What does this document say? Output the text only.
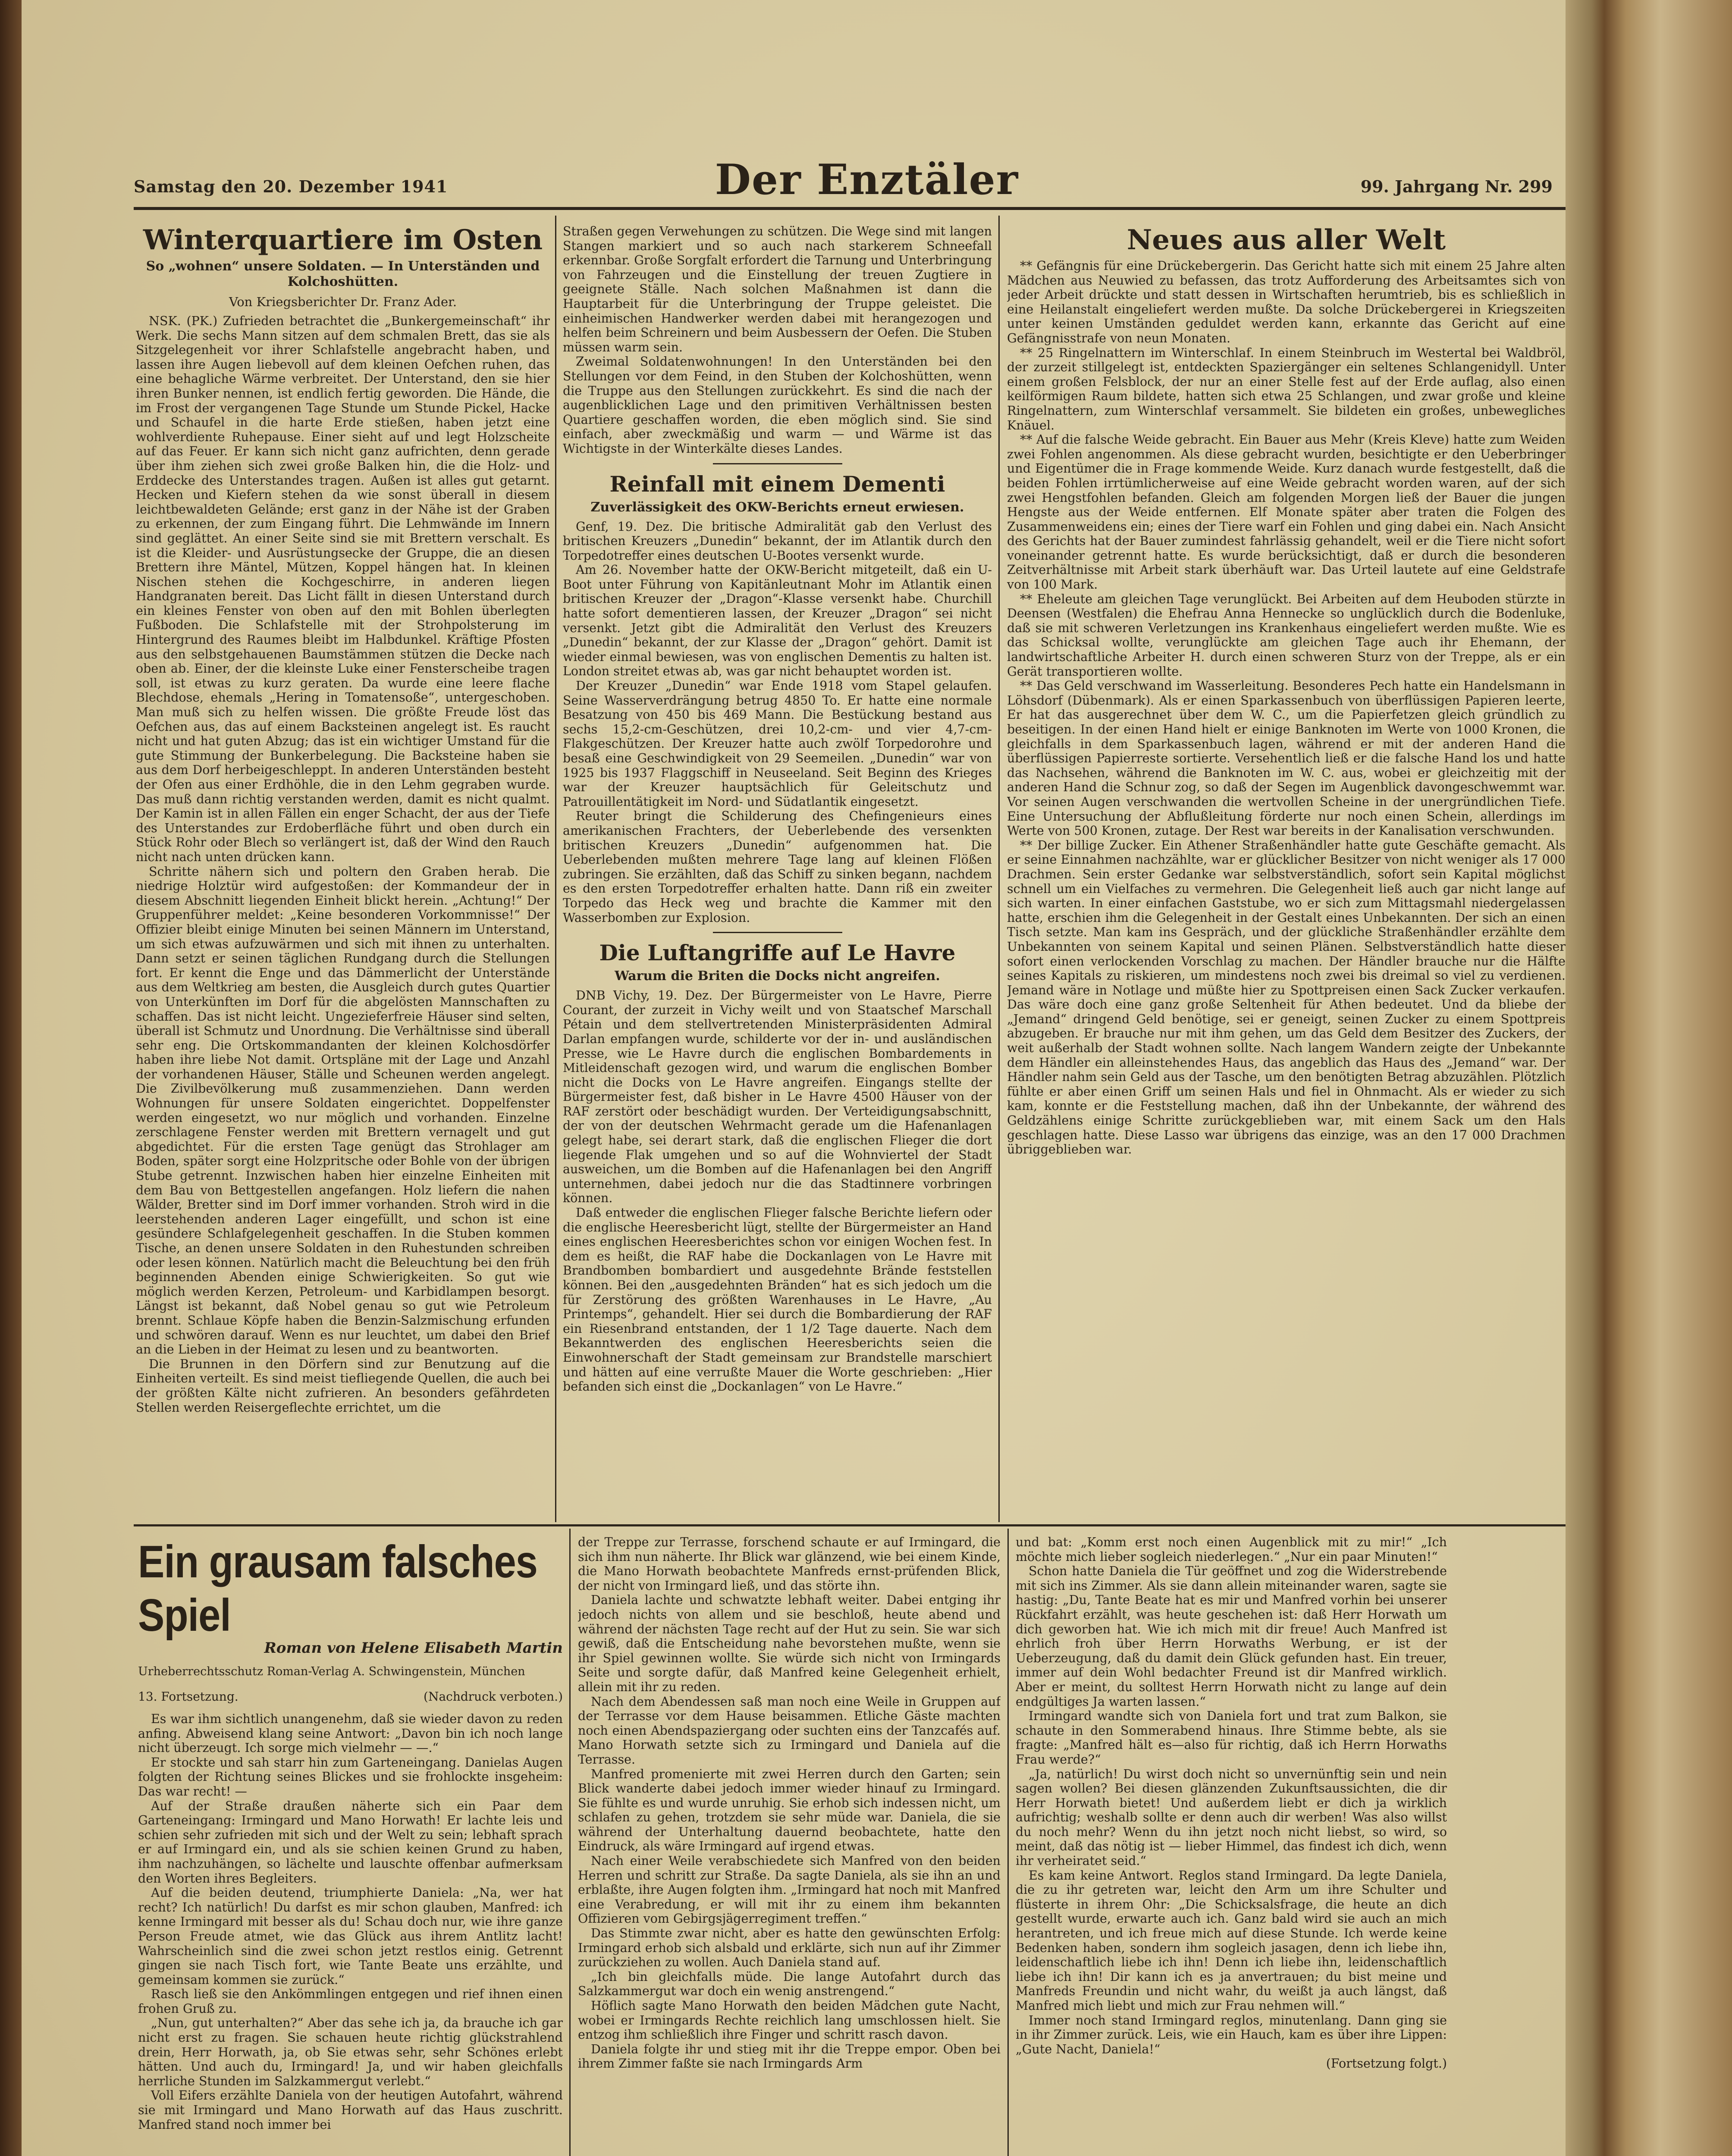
Samstag den 20. Dezember 1941	Der Enztäler	99. Jahrgang Nr. 299
Winterquartiere im Osten
So „wohnen“ unsere Soldaten. — In Unterständen und Kolchoshütten.
Von Kriegsberichter Dr. Franz Ader.

NSK. (PK.) Zufrieden betrachtet die „Bunkergemeinschaft“ ihr Werk. Die sechs Mann sitzen auf dem schmalen Brett, das sie als Sitzgelegenheit vor ihrer Schlafstelle angebracht haben, und lassen ihre Augen liebevoll auf dem kleinen Oefchen ruhen, das eine behagliche Wärme verbreitet. Der Unterstand, den sie hier ihren Bunker nennen, ist endlich fertig geworden. Die Hände, die im Frost der vergangenen Tage Stunde um Stunde Pickel, Hacke und Schaufel in die harte Erde stießen, haben jetzt eine wohlverdiente Ruhepause. Einer sieht auf und legt Holzscheite auf das Feuer. Er kann sich nicht ganz aufrichten, denn gerade über ihm ziehen sich zwei große Balken hin, die die Holz- und Erddecke des Unterstandes tragen. Außen ist alles gut getarnt. Hecken und Kiefern stehen da wie sonst überall in diesem leichtbewaldeten Gelände; erst ganz in der Nähe ist der Graben zu erkennen, der zum Eingang führt. Die Lehmwände im Innern sind geglättet. An einer Seite sind sie mit Brettern verschalt. Es ist die Kleider- und Ausrüstungsecke der Gruppe, die an diesen Brettern ihre Mäntel, Mützen, Koppel hängen hat. In kleinen Nischen stehen die Kochgeschirre, in anderen liegen Handgranaten bereit. Das Licht fällt in diesen Unterstand durch ein kleines Fenster von oben auf den mit Bohlen überlegten Fußboden. Die Schlafstelle mit der Strohpolsterung im Hintergrund des Raumes bleibt im Halbdunkel. Kräftige Pfosten aus den selbstgehauenen Baumstämmen stützen die Decke nach oben ab. Einer, der die kleinste Luke einer Fensterscheibe tragen soll, ist etwas zu kurz geraten. Da wurde eine leere flache Blechdose, ehemals „Hering in Tomatensoße“, untergeschoben. Man muß sich zu helfen wissen. Die größte Freude löst das Oefchen aus, das auf einem Backsteinen angelegt ist. Es raucht nicht und hat guten Abzug; das ist ein wichtiger Umstand für die gute Stimmung der Bunkerbelegung. Die Backsteine haben sie aus dem Dorf herbeigeschleppt. In anderen Unterständen besteht der Ofen aus einer Erdhöhle, die in den Lehm gegraben wurde. Das muß dann richtig verstanden werden, damit es nicht qualmt. Der Kamin ist in allen Fällen ein enger Schacht, der aus der Tiefe des Unterstandes zur Erdoberfläche führt und oben durch ein Stück Rohr oder Blech so verlängert ist, daß der Wind den Rauch nicht nach unten drücken kann.

Schritte nähern sich und poltern den Graben herab. Die niedrige Holztür wird aufgestoßen: der Kommandeur der in diesem Abschnitt liegenden Einheit blickt herein. „Achtung!“ Der Gruppenführer meldet: „Keine besonderen Vorkommnisse!“ Der Offizier bleibt einige Minuten bei seinen Männern im Unterstand, um sich etwas aufzuwärmen und sich mit ihnen zu unterhalten. Dann setzt er seinen täglichen Rundgang durch die Stellungen fort. Er kennt die Enge und das Dämmerlicht der Unterstände aus dem Weltkrieg am besten, die Ausgleich durch gutes Quartier von Unterkünften im Dorf für die abgelösten Mannschaften zu schaffen. Das ist nicht leicht. Ungezieferfreie Häuser sind selten, überall ist Schmutz und Unordnung. Die Verhältnisse sind überall sehr eng. Die Ortskommandanten der kleinen Kolchosdörfer haben ihre liebe Not damit. Ortspläne mit der Lage und Anzahl der vorhandenen Häuser, Ställe und Scheunen werden angelegt. Die Zivilbevölkerung muß zusammenziehen. Dann werden Wohnungen für unsere Soldaten eingerichtet. Doppelfenster werden eingesetzt, wo nur möglich und vorhanden. Einzelne zerschlagene Fenster werden mit Brettern vernagelt und gut abgedichtet. Für die ersten Tage genügt das Strohlager am Boden, später sorgt eine Holzpritsche oder Bohle von der übrigen Stube getrennt. Inzwischen haben hier einzelne Einheiten mit dem Bau von Bettgestellen angefangen. Holz liefern die nahen Wälder, Bretter sind im Dorf immer vorhanden. Stroh wird in die leerstehenden anderen Lager eingefüllt, und schon ist eine gesündere Schlafgelegenheit geschaffen. In die Stuben kommen Tische, an denen unsere Soldaten in den Ruhestunden schreiben oder lesen können. Natürlich macht die Beleuchtung bei den früh beginnenden Abenden einige Schwierigkeiten. So gut wie möglich werden Kerzen, Petroleum- und Karbidlampen besorgt. Längst ist bekannt, daß Nobel genau so gut wie Petroleum brennt. Schlaue Köpfe haben die Benzin-Salzmischung erfunden und schwören darauf. Wenn es nur leuchtet, um dabei den Brief an die Lieben in der Heimat zu lesen und zu beantworten.

Die Brunnen in den Dörfern sind zur Benutzung auf die Einheiten verteilt. Es sind meist tiefliegende Quellen, die auch bei der größten Kälte nicht zufrieren. An besonders gefährdeten Stellen werden Reisergeflechte errichtet, um die

Straßen gegen Verwehungen zu schützen. Die Wege sind mit langen Stangen markiert und so auch nach starkerem Schneefall erkennbar. Große Sorgfalt erfordert die Tarnung und Unterbringung von Fahrzeugen und die Einstellung der treuen Zugtiere in geeignete Ställe. Nach solchen Maßnahmen ist dann die Hauptarbeit für die Unterbringung der Truppe geleistet. Die einheimischen Handwerker werden dabei mit herangezogen und helfen beim Schreinern und beim Ausbessern der Oefen. Die Stuben müssen warm sein.

Zweimal Soldatenwohnungen! In den Unterständen bei den Stellungen vor dem Feind, in den Stuben der Kolchoshütten, wenn die Truppe aus den Stellungen zurückkehrt. Es sind die nach der augenblicklichen Lage und den primitiven Verhältnissen besten Quartiere geschaffen worden, die eben möglich sind. Sie sind einfach, aber zweckmäßig und warm — und Wärme ist das Wichtigste in der Winterkälte dieses Landes.

Reinfall mit einem Dementi
Zuverlässigkeit des OKW-Berichts erneut erwiesen.

Genf, 19. Dez. Die britische Admiralität gab den Verlust des britischen Kreuzers „Dunedin“ bekannt, der im Atlantik durch den Torpedotreffer eines deutschen U-Bootes versenkt wurde.

Am 26. November hatte der OKW-Bericht mitgeteilt, daß ein U-Boot unter Führung von Kapitänleutnant Mohr im Atlantik einen britischen Kreuzer der „Dragon“-Klasse versenkt habe. Churchill hatte sofort dementieren lassen, der Kreuzer „Dragon“ sei nicht versenkt. Jetzt gibt die Admiralität den Verlust des Kreuzers „Dunedin“ bekannt, der zur Klasse der „Dragon“ gehört. Damit ist wieder einmal bewiesen, was von englischen Dementis zu halten ist. London streitet etwas ab, was gar nicht behauptet worden ist.

Der Kreuzer „Dunedin“ war Ende 1918 vom Stapel gelaufen. Seine Wasserverdrängung betrug 4850 To. Er hatte eine normale Besatzung von 450 bis 469 Mann. Die Bestückung bestand aus sechs 15,2-cm-Geschützen, drei 10,2-cm- und vier 4,7-cm-Flakgeschützen. Der Kreuzer hatte auch zwölf Torpedorohre und besaß eine Geschwindigkeit von 29 Seemeilen. „Dunedin“ war von 1925 bis 1937 Flaggschiff in Neuseeland. Seit Beginn des Krieges war der Kreuzer hauptsächlich für Geleitschutz und Patrouillentätigkeit im Nord- und Südatlantik eingesetzt.

Reuter bringt die Schilderung des Chefingenieurs eines amerikanischen Frachters, der Ueberlebende des versenkten britischen Kreuzers „Dunedin“ aufgenommen hat. Die Ueberlebenden mußten mehrere Tage lang auf kleinen Flößen zubringen. Sie erzählten, daß das Schiff zu sinken begann, nachdem es den ersten Torpedotreffer erhalten hatte. Dann riß ein zweiter Torpedo das Heck weg und brachte die Kammer mit den Wasserbomben zur Explosion.

Die Luftangriffe auf Le Havre
Warum die Briten die Docks nicht angreifen.

DNB Vichy, 19. Dez. Der Bürgermeister von Le Havre, Pierre Courant, der zurzeit in Vichy weilt und von Staatschef Marschall Pétain und dem stellvertretenden Ministerpräsidenten Admiral Darlan empfangen wurde, schilderte vor der in- und ausländischen Presse, wie Le Havre durch die englischen Bombardements in Mitleidenschaft gezogen wird, und warum die englischen Bomber nicht die Docks von Le Havre angreifen. Eingangs stellte der Bürgermeister fest, daß bisher in Le Havre 4500 Häuser von der RAF zerstört oder beschädigt wurden. Der Verteidigungsabschnitt, der von der deutschen Wehrmacht gerade um die Hafenanlagen gelegt habe, sei derart stark, daß die englischen Flieger die dort liegende Flak umgehen und so auf die Wohnviertel der Stadt ausweichen, um die Bomben auf die Hafenanlagen bei den Angriff unternehmen, dabei jedoch nur die das Stadtinnere vorbringen können.

Daß entweder die englischen Flieger falsche Berichte liefern oder die englische Heeresbericht lügt, stellte der Bürgermeister an Hand eines englischen Heeresberichtes schon vor einigen Wochen fest. In dem es heißt, die RAF habe die Dockanlagen von Le Havre mit Brandbomben bombardiert und ausgedehnte Brände feststellen können. Bei den „ausgedehnten Bränden“ hat es sich jedoch um die für Zerstörung des größten Warenhauses in Le Havre, „Au Printemps“, gehandelt. Hier sei durch die Bombardierung der RAF ein Riesenbrand entstanden, der 1 1/2 Tage dauerte. Nach dem Bekanntwerden des englischen Heeresberichts seien die Einwohnerschaft der Stadt gemeinsam zur Brandstelle marschiert und hätten auf eine verrußte Mauer die Worte geschrieben: „Hier befanden sich einst die „Dockanlagen“ von Le Havre.“

Neues aus aller Welt

** Gefängnis für eine Drückebergerin. Das Gericht hatte sich mit einem 25 Jahre alten Mädchen aus Neuwied zu befassen, das trotz Aufforderung des Arbeitsamtes sich von jeder Arbeit drückte und statt dessen in Wirtschaften herumtrieb, bis es schließlich in eine Heilanstalt eingeliefert werden mußte. Da solche Drückebergerei in Kriegszeiten unter keinen Umständen geduldet werden kann, erkannte das Gericht auf eine Gefängnisstrafe von neun Monaten.

** 25 Ringelnattern im Winterschlaf. In einem Steinbruch im Westertal bei Waldbröl, der zurzeit stillgelegt ist, entdeckten Spaziergänger ein seltenes Schlangenidyll. Unter einem großen Felsblock, der nur an einer Stelle fest auf der Erde auflag, also einen keilförmigen Raum bildete, hatten sich etwa 25 Schlangen, und zwar große und kleine Ringelnattern, zum Winterschlaf versammelt. Sie bildeten ein großes, unbewegliches Knäuel.

** Auf die falsche Weide gebracht. Ein Bauer aus Mehr (Kreis Kleve) hatte zum Weiden zwei Fohlen angenommen. Als diese gebracht wurden, besichtigte er den Ueberbringer und Eigentümer die in Frage kommende Weide. Kurz danach wurde festgestellt, daß die beiden Fohlen irrtümlicherweise auf eine Weide gebracht worden waren, auf der sich zwei Hengstfohlen befanden. Gleich am folgenden Morgen ließ der Bauer die jungen Hengste aus der Weide entfernen. Elf Monate später aber traten die Folgen des Zusammenweidens ein; eines der Tiere warf ein Fohlen und ging dabei ein. Nach Ansicht des Gerichts hat der Bauer zumindest fahrlässig gehandelt, weil er die Tiere nicht sofort voneinander getrennt hatte. Es wurde berücksichtigt, daß er durch die besonderen Zeitverhältnisse mit Arbeit stark überhäuft war. Das Urteil lautete auf eine Geldstrafe von 100 Mark.

** Eheleute am gleichen Tage verunglückt. Bei Arbeiten auf dem Heuboden stürzte in Deensen (Westfalen) die Ehefrau Anna Hennecke so unglücklich durch die Bodenluke, daß sie mit schweren Verletzungen ins Krankenhaus eingeliefert werden mußte. Wie es das Schicksal wollte, verunglückte am gleichen Tage auch ihr Ehemann, der landwirtschaftliche Arbeiter H. durch einen schweren Sturz von der Treppe, als er ein Gerät transportieren wollte.

** Das Geld verschwand im Wasserleitung. Besonderes Pech hatte ein Handelsmann in Löhsdorf (Dübenmark). Als er einen Sparkassenbuch von überflüssigen Papieren leerte, Er hat das ausgerechnet über dem W. C., um die Papierfetzen gleich gründlich zu beseitigen. In der einen Hand hielt er einige Banknoten im Werte von 1000 Kronen, die gleichfalls in dem Sparkassenbuch lagen, während er mit der anderen Hand die überflüssigen Papierreste sortierte. Versehentlich ließ er die falsche Hand los und hatte das Nachsehen, während die Banknoten im W. C. aus, wobei er gleichzeitig mit der anderen Hand die Schnur zog, so daß der Segen im Augenblick davongeschwemmt war. Vor seinen Augen verschwanden die wertvollen Scheine in der unergründlichen Tiefe. Eine Untersuchung der Abflußleitung förderte nur noch einen Schein, allerdings im Werte von 500 Kronen, zutage. Der Rest war bereits in der Kanalisation verschwunden.

** Der billige Zucker. Ein Athener Straßenhändler hatte gute Geschäfte gemacht. Als er seine Einnahmen nachzählte, war er glücklicher Besitzer von nicht weniger als 17 000 Drachmen. Sein erster Gedanke war selbstverständlich, sofort sein Kapital möglichst schnell um ein Vielfaches zu vermehren. Die Gelegenheit ließ auch gar nicht lange auf sich warten. In einer einfachen Gaststube, wo er sich zum Mittagsmahl niedergelassen hatte, erschien ihm die Gelegenheit in der Gestalt eines Unbekannten. Der sich an einen Tisch setzte. Man kam ins Gespräch, und der glückliche Straßenhändler erzählte dem Unbekannten von seinem Kapital und seinen Plänen. Selbstverständlich hatte dieser sofort einen verlockenden Vorschlag zu machen. Der Händler brauche nur die Hälfte seines Kapitals zu riskieren, um mindestens noch zwei bis dreimal so viel zu verdienen. Jemand wäre in Notlage und müßte hier zu Spottpreisen einen Sack Zucker verkaufen. Das wäre doch eine ganz große Seltenheit für Athen bedeutet. Und da bliebe der „Jemand“ dringend Geld benötige, sei er geneigt, seinen Zucker zu einem Spottpreis abzugeben. Er brauche nur mit ihm gehen, um das Geld dem Besitzer des Zuckers, der weit außerhalb der Stadt wohnen sollte. Nach langem Wandern zeigte der Unbekannte dem Händler ein alleinstehendes Haus, das angeblich das Haus des „Jemand“ war. Der Händler nahm sein Geld aus der Tasche, um den benötigten Betrag abzuzählen. Plötzlich fühlte er aber einen Griff um seinen Hals und fiel in Ohnmacht. Als er wieder zu sich kam, konnte er die Feststellung machen, daß ihn der Unbekannte, der während des Geldzählens einige Schritte zurückgeblieben war, mit einem Sack um den Hals geschlagen hatte. Diese Lasso war übrigens das einzige, was an den 17 000 Drachmen übriggeblieben war.

Ein grausam falsches Spiel
Roman von Helene Elisabeth Martin
Urheberrechtsschutz Roman-Verlag A. Schwingenstein, München
13. Fortsetzung.	(Nachdruck verboten.)

Es war ihm sichtlich unangenehm, daß sie wieder davon zu reden anfing. Abweisend klang seine Antwort: „Davon bin ich noch lange nicht überzeugt. Ich sorge mich vielmehr — —.“

Er stockte und sah starr hin zum Garteneingang. Danielas Augen folgten der Richtung seines Blickes und sie frohlockte insgeheim: Das war recht! —

Auf der Straße draußen näherte sich ein Paar dem Garteneingang: Irmingard und Mano Horwath! Er lachte leis und schien sehr zufrieden mit sich und der Welt zu sein; lebhaft sprach er auf Irmingard ein, und als sie schien keinen Grund zu haben, ihm nachzuhängen, so lächelte und lauschte offenbar aufmerksam den Worten ihres Begleiters.

Auf die beiden deutend, triumphierte Daniela: „Na, wer hat recht? Ich natürlich! Du darfst es mir schon glauben, Manfred: ich kenne Irmingard mit besser als du! Schau doch nur, wie ihre ganze Person Freude atmet, wie das Glück aus ihrem Antlitz lacht! Wahrscheinlich sind die zwei schon jetzt restlos einig. Getrennt gingen sie nach Tisch fort, wie Tante Beate uns erzählte, und gemeinsam kommen sie zurück.“

Rasch ließ sie den Ankömmlingen entgegen und rief ihnen einen frohen Gruß zu.

„Nun, gut unterhalten?“ Aber das sehe ich ja, da brauche ich gar nicht erst zu fragen. Sie schauen heute richtig glückstrahlend drein, Herr Horwath, ja, ob Sie etwas sehr, sehr Schönes erlebt hätten. Und auch du, Irmingard! Ja, und wir haben gleichfalls herrliche Stunden im Salzkammergut verlebt.“

Voll Eifers erzählte Daniela von der heutigen Autofahrt, während sie mit Irmingard und Mano Horwath auf das Haus zuschritt. Manfred stand noch immer bei

der Treppe zur Terrasse, forschend schaute er auf Irmingard, die sich ihm nun näherte. Ihr Blick war glänzend, wie bei einem Kinde, die Mano Horwath beobachtete Manfreds ernst-prüfenden Blick, der nicht von Irmingard ließ, und das störte ihn.

Daniela lachte und schwatzte lebhaft weiter. Dabei entging ihr jedoch nichts von allem und sie beschloß, heute abend und während der nächsten Tage recht auf der Hut zu sein. Sie war sich gewiß, daß die Entscheidung nahe bevorstehen mußte, wenn sie ihr Spiel gewinnen wollte. Sie würde sich nicht von Irmingards Seite und sorgte dafür, daß Manfred keine Gelegenheit erhielt, allein mit ihr zu reden.

Nach dem Abendessen saß man noch eine Weile in Gruppen auf der Terrasse vor dem Hause beisammen. Etliche Gäste machten noch einen Abendspaziergang oder suchten eins der Tanzcafés auf. Mano Horwath setzte sich zu Irmingard und Daniela auf die Terrasse.

Manfred promenierte mit zwei Herren durch den Garten; sein Blick wanderte dabei jedoch immer wieder hinauf zu Irmingard. Sie fühlte es und wurde unruhig. Sie erhob sich indessen nicht, um schlafen zu gehen, trotzdem sie sehr müde war. Daniela, die sie während der Unterhaltung dauernd beobachtete, hatte den Eindruck, als wäre Irmingard auf irgend etwas.

Nach einer Weile verabschiedete sich Manfred von den beiden Herren und schritt zur Straße. Da sagte Daniela, als sie ihn an und erblaßte, ihre Augen folgten ihm. „Irmingard hat noch mit Manfred eine Verabredung, er will mit ihr zu einem ihm bekannten Offizieren vom Gebirgsjägerregiment treffen.“

Das Stimmte zwar nicht, aber es hatte den gewünschten Erfolg: Irmingard erhob sich alsbald und erklärte, sich nun auf ihr Zimmer zurückziehen zu wollen. Auch Daniela stand auf.

„Ich bin gleichfalls müde. Die lange Autofahrt durch das Salzkammergut war doch ein wenig anstrengend.“

Höflich sagte Mano Horwath den beiden Mädchen gute Nacht, wobei er Irmingards Rechte reichlich lang umschlossen hielt. Sie entzog ihm schließlich ihre Finger und schritt rasch davon.

Daniela folgte ihr und stieg mit ihr die Treppe empor. Oben bei ihrem Zimmer faßte sie nach Irmingards Arm

und bat: „Komm erst noch einen Augenblick mit zu mir!“ „Ich möchte mich lieber sogleich niederlegen.“ „Nur ein paar Minuten!“

Schon hatte Daniela die Tür geöffnet und zog die Widerstrebende mit sich ins Zimmer. Als sie dann allein miteinander waren, sagte sie hastig: „Du, Tante Beate hat es mir und Manfred vorhin bei unserer Rückfahrt erzählt, was heute geschehen ist: daß Herr Horwath um dich geworben hat. Wie ich mich mit dir freue! Auch Manfred ist ehrlich froh über Herrn Horwaths Werbung, er ist der Ueberzeugung, daß du damit dein Glück gefunden hast. Ein treuer, immer auf dein Wohl bedachter Freund ist dir Manfred wirklich. Aber er meint, du solltest Herrn Horwath nicht zu lange auf dein endgültiges Ja warten lassen.“

Irmingard wandte sich von Daniela fort und trat zum Balkon, sie schaute in den Sommerabend hinaus. Ihre Stimme bebte, als sie fragte: „Manfred hält es—also für richtig, daß ich Herrn Horwaths Frau werde?“

„Ja, natürlich! Du wirst doch nicht so unvernünftig sein und nein sagen wollen? Bei diesen glänzenden Zukunftsaussichten, die dir Herr Horwath bietet! Und außerdem liebt er dich ja wirklich aufrichtig; weshalb sollte er denn auch dir werben! Was also willst du noch mehr? Wenn du ihn jetzt noch nicht liebst, so wird, so meint, daß das nötig ist — lieber Himmel, das findest ich dich, wenn ihr verheiratet seid.“

Es kam keine Antwort. Reglos stand Irmingard. Da legte Daniela, die zu ihr getreten war, leicht den Arm um ihre Schulter und flüsterte in ihrem Ohr: „Die Schicksalsfrage, die heute an dich gestellt wurde, erwarte auch ich. Ganz bald wird sie auch an mich herantreten, und ich freue mich auf diese Stunde. Ich werde keine Bedenken haben, sondern ihm sogleich jasagen, denn ich liebe ihn, leidenschaftlich liebe ich ihn! Denn ich liebe ihn, leidenschaftlich liebe ich ihn! Dir kann ich es ja anvertrauen; du bist meine und Manfreds Freundin und nicht wahr, du weißt ja auch längst, daß Manfred mich liebt und mich zur Frau nehmen will.“

Immer noch stand Irmingard reglos, minutenlang. Dann ging sie in ihr Zimmer zurück. Leis, wie ein Hauch, kam es über ihre Lippen: „Gute Nacht, Daniela!“

(Fortsetzung folgt.)
